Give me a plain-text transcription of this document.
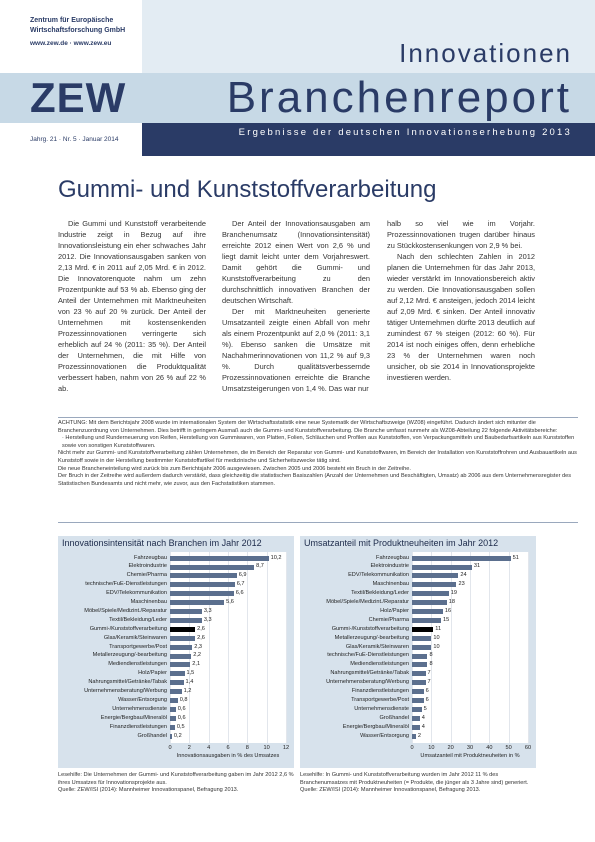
Zentrum für Europäische
Wirtschaftsforschung GmbH
www.zew.de · www.zew.eu
ZEW
Innovationen
Branchenreport
Ergebnisse der deutschen Innovationserhebung 2013
Jahrg. 21 · Nr. 5 · Januar 2014
Gummi- und Kunststoffverarbeitung

Die Gummi und Kunststoff verarbeitende Industrie zeigt in Bezug auf ihre Innovationsleistung ein eher schwaches Jahr 2012. Die Innovationsausgaben sanken von 2,13 Mrd. € in 2011 auf 2,05 Mrd. € in 2012. Die Innovatorenquote nahm um zehn Prozentpunkte auf 53 % ab. Ebenso ging der Anteil der Unternehmen mit Marktneuheiten von 23 % auf 20 % zurück. Der Anteil der Unternehmen mit kostensenkenden Prozessinnovationen verringerte sich erheblich auf 24 % (2011: 35 %). Der Anteil der Unternehmen, die mit Hilfe von Prozessinnovationen die Produktqualität verbessert haben, nahm von 26 % auf 22 % ab.

Der Anteil der Innovationsausgaben am Branchenumsatz (Innovationsintensität) erreichte 2012 einen Wert von 2,6 % und liegt damit leicht unter dem Vorjahreswert. Damit gehört die Gummi- und Kunststoffverarbeitung zu den durchschnittlich innovativen Branchen der deutschen Wirtschaft.

Der mit Marktneuheiten generierte Umsatzanteil zeigte einen Abfall von mehr als einem Prozentpunkt auf 2,0 % (2011: 3,1 %). Ebenso sanken die Umsätze mit Nachahmerinnovationen von 11,2 % auf 9,3 %. Durch qualitätsverbessernde Prozessinnovationen erreichte die Branche Umsatzsteigerungen von 1,4 %. Das war nur

halb so viel wie im Vorjahr. Prozessinnovationen trugen darüber hinaus zu Stückkostensenkungen von 2,9 % bei.

Nach den schlechten Zahlen in 2012 planen die Unternehmen für das Jahr 2013, wieder verstärkt im Innovationsbereich aktiv zu werden. Die Innovationsausgaben sollen auf 2,12 Mrd. € ansteigen, jedoch 2014 leicht auf 2,09 Mrd. € sinken. Der Anteil innovativ tätiger Unternehmen dürfte 2013 deutlich auf zumindest 67 % steigen (2012: 60 %). Für 2014 ist noch einiges offen, denn erhebliche 23 % der Unternehmen waren noch unsicher, ob sie 2014 in Innovationsprojekte investieren werden.

ACHTUNG: Mit dem Berichtsjahr 2008 wurde im internationalen System der Wirtschaftsstatistik eine neue Systematik der Wirtschaftszweige (WZ08) eingeführt. Dadurch ändert sich mitunter die Branchenzuordnung von Unternehmen. Dies betrifft in geringem Ausmaß auch die Gummi- und Kunststoffverarbeitung. Die Branche umfasst nunmehr als WZ08-Abteilung 22 folgende Aktivitätsbereiche:
· Herstellung und Runderneuerung von Reifen, Herstellung von Gummiwaren, von Platten, Folien, Schläuchen und Profilen aus Kunststoffen, von Verpackungsmitteln und Baubedarfsartikeln aus Kunststoffen sowie von sonstigen Kunststoffwaren.
Nicht mehr zur Gummi- und Kunststoffverarbeitung zählen Unternehmen, die im Bereich der Reparatur von Gummi- und Kunststoffwaren, im Bereich der Installation von Kunststoffrohren und Ausbauartikeln aus Kunststoff sowie in der Herstellung bestimmter Kunststoffartikel für medizinische und Sicherheitszwecke tätig sind.
Die neue Brancheneinteilung wird zurück bis zum Berichtsjahr 2006 ausgewiesen. Zwischen 2005 und 2006 besteht ein Bruch in der Zeitreihe.
Der Bruch in der Zeitreihe wird außerdem dadurch verstärkt, dass gleichzeitig die statistischen Basiszahlen (Anzahl der Unternehmen und Beschäftigten, Umsatz) ab 2006 aus dem Unternehmensregister des Statistischen Bundesamts und nicht mehr, wie zuvor, aus den Fachstatistiken stammen.
Innovationsintensität nach Branchen im Jahr 2012
0	2	4	6	8	10	12
Fahrzeugbau	10,2
Elektroindustrie	8,7
Chemie/Pharma	6,9
technische/FuE-Dienstleistungen	6,7
EDV/Telekommunikation	6,6
Maschinenbau	5,6
Möbel/Spiele/Medizint./Reparatur	3,3
Textil/Bekleidung/Leder	3,3
Gummi-/Kunststoffverarbeitung	2,6
Glas/Keramik/Steinwaren	2,6
Transportgewerbe/Post	2,3
Metallerzeugung/-bearbeitung	2,2
Mediendienstleistungen	2,1
Holz/Papier	1,5
Nahrungsmittel/Getränke/Tabak	1,4
Unternehmensberatung/Werbung	1,2
Wasser/Entsorgung 0,8
Unternehmensdienste 0,6
Energie/Bergbau/Mineralöl 0,6
Finanzdienstleistungen 0,5
Großhandel 0,2
Innovationsausgaben in % des Umsatzes
Umsatzanteil mit Produktneuheiten im Jahr 2012
0	10	20	30	40	50	60
Fahrzeugbau	51
Elektroindustrie	31
EDV/Telekommunikation	24
Maschinenbau	23
Textil/Bekleidung/Leder	19
Möbel/Spiele/Medizint./Reparatur	18
Holz/Papier	16
Chemie/Pharma	15
Gummi-/Kunststoffverarbeitung	11
Metallerzeugung/-bearbeitung	10
Glas/Keramik/Steinwaren	10
technische/FuE-Dienstleistungen	8
Mediendienstleistungen	8
Nahrungsmittel/Getränke/Tabak	7
Unternehmensberatung/Werbung	7
Finanzdienstleistungen	6
Transportgewerbe/Post	6
Unternehmensdienste	5
Großhandel 4
Energie/Bergbau/Mineralöl 4
Wasser/Entsorgung 2
Umsatzanteil mit Produktneuheiten in %
Lesehilfe: Die Unternehmen der Gummi- und Kunststoffverarbeitung gaben im Jahr 2012 2,6 % ihres Umsatzes für Innovationsprojekte aus.
Quelle: ZEW/ISI (2014): Mannheimer Innovationspanel, Befragung 2013.
Lesehilfe: In Gummi- und Kunststoffverarbeitung wurden im Jahr 2012 11 % des Branchenumsatzes mit Produktneuheiten (= Produkte, die jünger als 3 Jahre sind) generiert.
Quelle: ZEW/ISI (2014): Mannheimer Innovationspanel, Befragung 2013.
